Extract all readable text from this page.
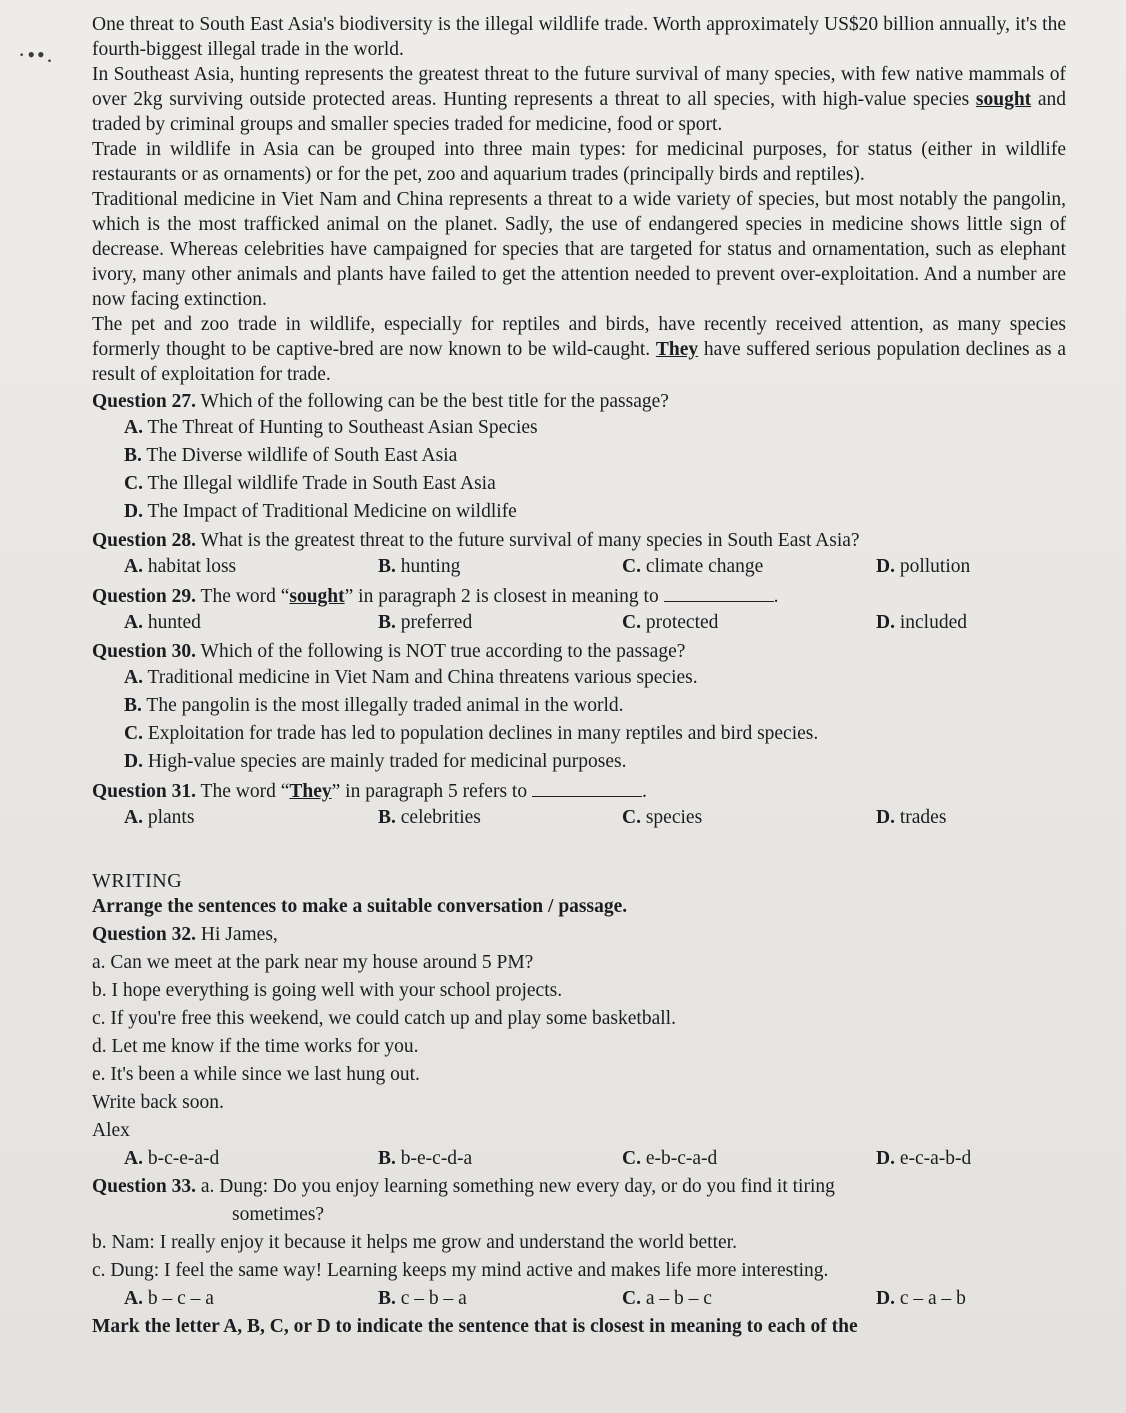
·••.

One threat to South East Asia's biodiversity is the illegal wildlife trade. Worth approximately US$20 billion annually, it's the fourth-biggest illegal trade in the world.

In Southeast Asia, hunting represents the greatest threat to the future survival of many species, with few native mammals of over 2kg surviving outside protected areas. Hunting represents a threat to all species, with high-value species sought and traded by criminal groups and smaller species traded for medicine, food or sport.

Trade in wildlife in Asia can be grouped into three main types: for medicinal purposes, for status (either in wildlife restaurants or as ornaments) or for the pet, zoo and aquarium trades (principally birds and reptiles).

Traditional medicine in Viet Nam and China represents a threat to a wide variety of species, but most notably the pangolin, which is the most trafficked animal on the planet. Sadly, the use of endangered species in medicine shows little sign of decrease. Whereas celebrities have campaigned for species that are targeted for status and ornamentation, such as elephant ivory, many other animals and plants have failed to get the attention needed to prevent over-exploitation. And a number are now facing extinction.

The pet and zoo trade in wildlife, especially for reptiles and birds, have recently received attention, as many species formerly thought to be captive-bred are now known to be wild-caught. They have suffered serious population declines as a result of exploitation for trade.

Question 27. Which of the following can be the best title for the passage?
A. The Threat of Hunting to Southeast Asian Species
B. The Diverse wildlife of South East Asia
C. The Illegal wildlife Trade in South East Asia
D. The Impact of Traditional Medicine on wildlife
Question 28. What is the greatest threat to the future survival of many species in South East Asia?
A. habitat loss	B. hunting	C. climate change	D. pollution
Question 29. The word “sought” in paragraph 2 is closest in meaning to	.
A. hunted	B. preferred	C. protected	D. included
Question 30. Which of the following is NOT true according to the passage?
A. Traditional medicine in Viet Nam and China threatens various species.
B. The pangolin is the most illegally traded animal in the world.
C. Exploitation for trade has led to population declines in many reptiles and bird species.
D. High-value species are mainly traded for medicinal purposes.
Question 31. The word “They” in paragraph 5 refers to	.
A. plants	B. celebrities	C. species	D. trades
WRITING
Arrange the sentences to make a suitable conversation / passage.
Question 32. Hi James,
a. Can we meet at the park near my house around 5 PM?
b. I hope everything is going well with your school projects.
c. If you're free this weekend, we could catch up and play some basketball.
d. Let me know if the time works for you.
e. It's been a while since we last hung out.
Write back soon.
Alex
A. b-c-e-a-d	B. b-e-c-d-a	C. e-b-c-a-d	D. e-c-a-b-d
Question 33. a. Dung: Do you enjoy learning something new every day, or do you find it tiring
sometimes?
b. Nam: I really enjoy it because it helps me grow and understand the world better.
c. Dung: I feel the same way! Learning keeps my mind active and makes life more interesting.
A. b – c – a	B. c – b – a	C. a – b – c	D. c – a – b
Mark the letter A, B, C, or D to indicate the sentence that is closest in meaning to each of the
